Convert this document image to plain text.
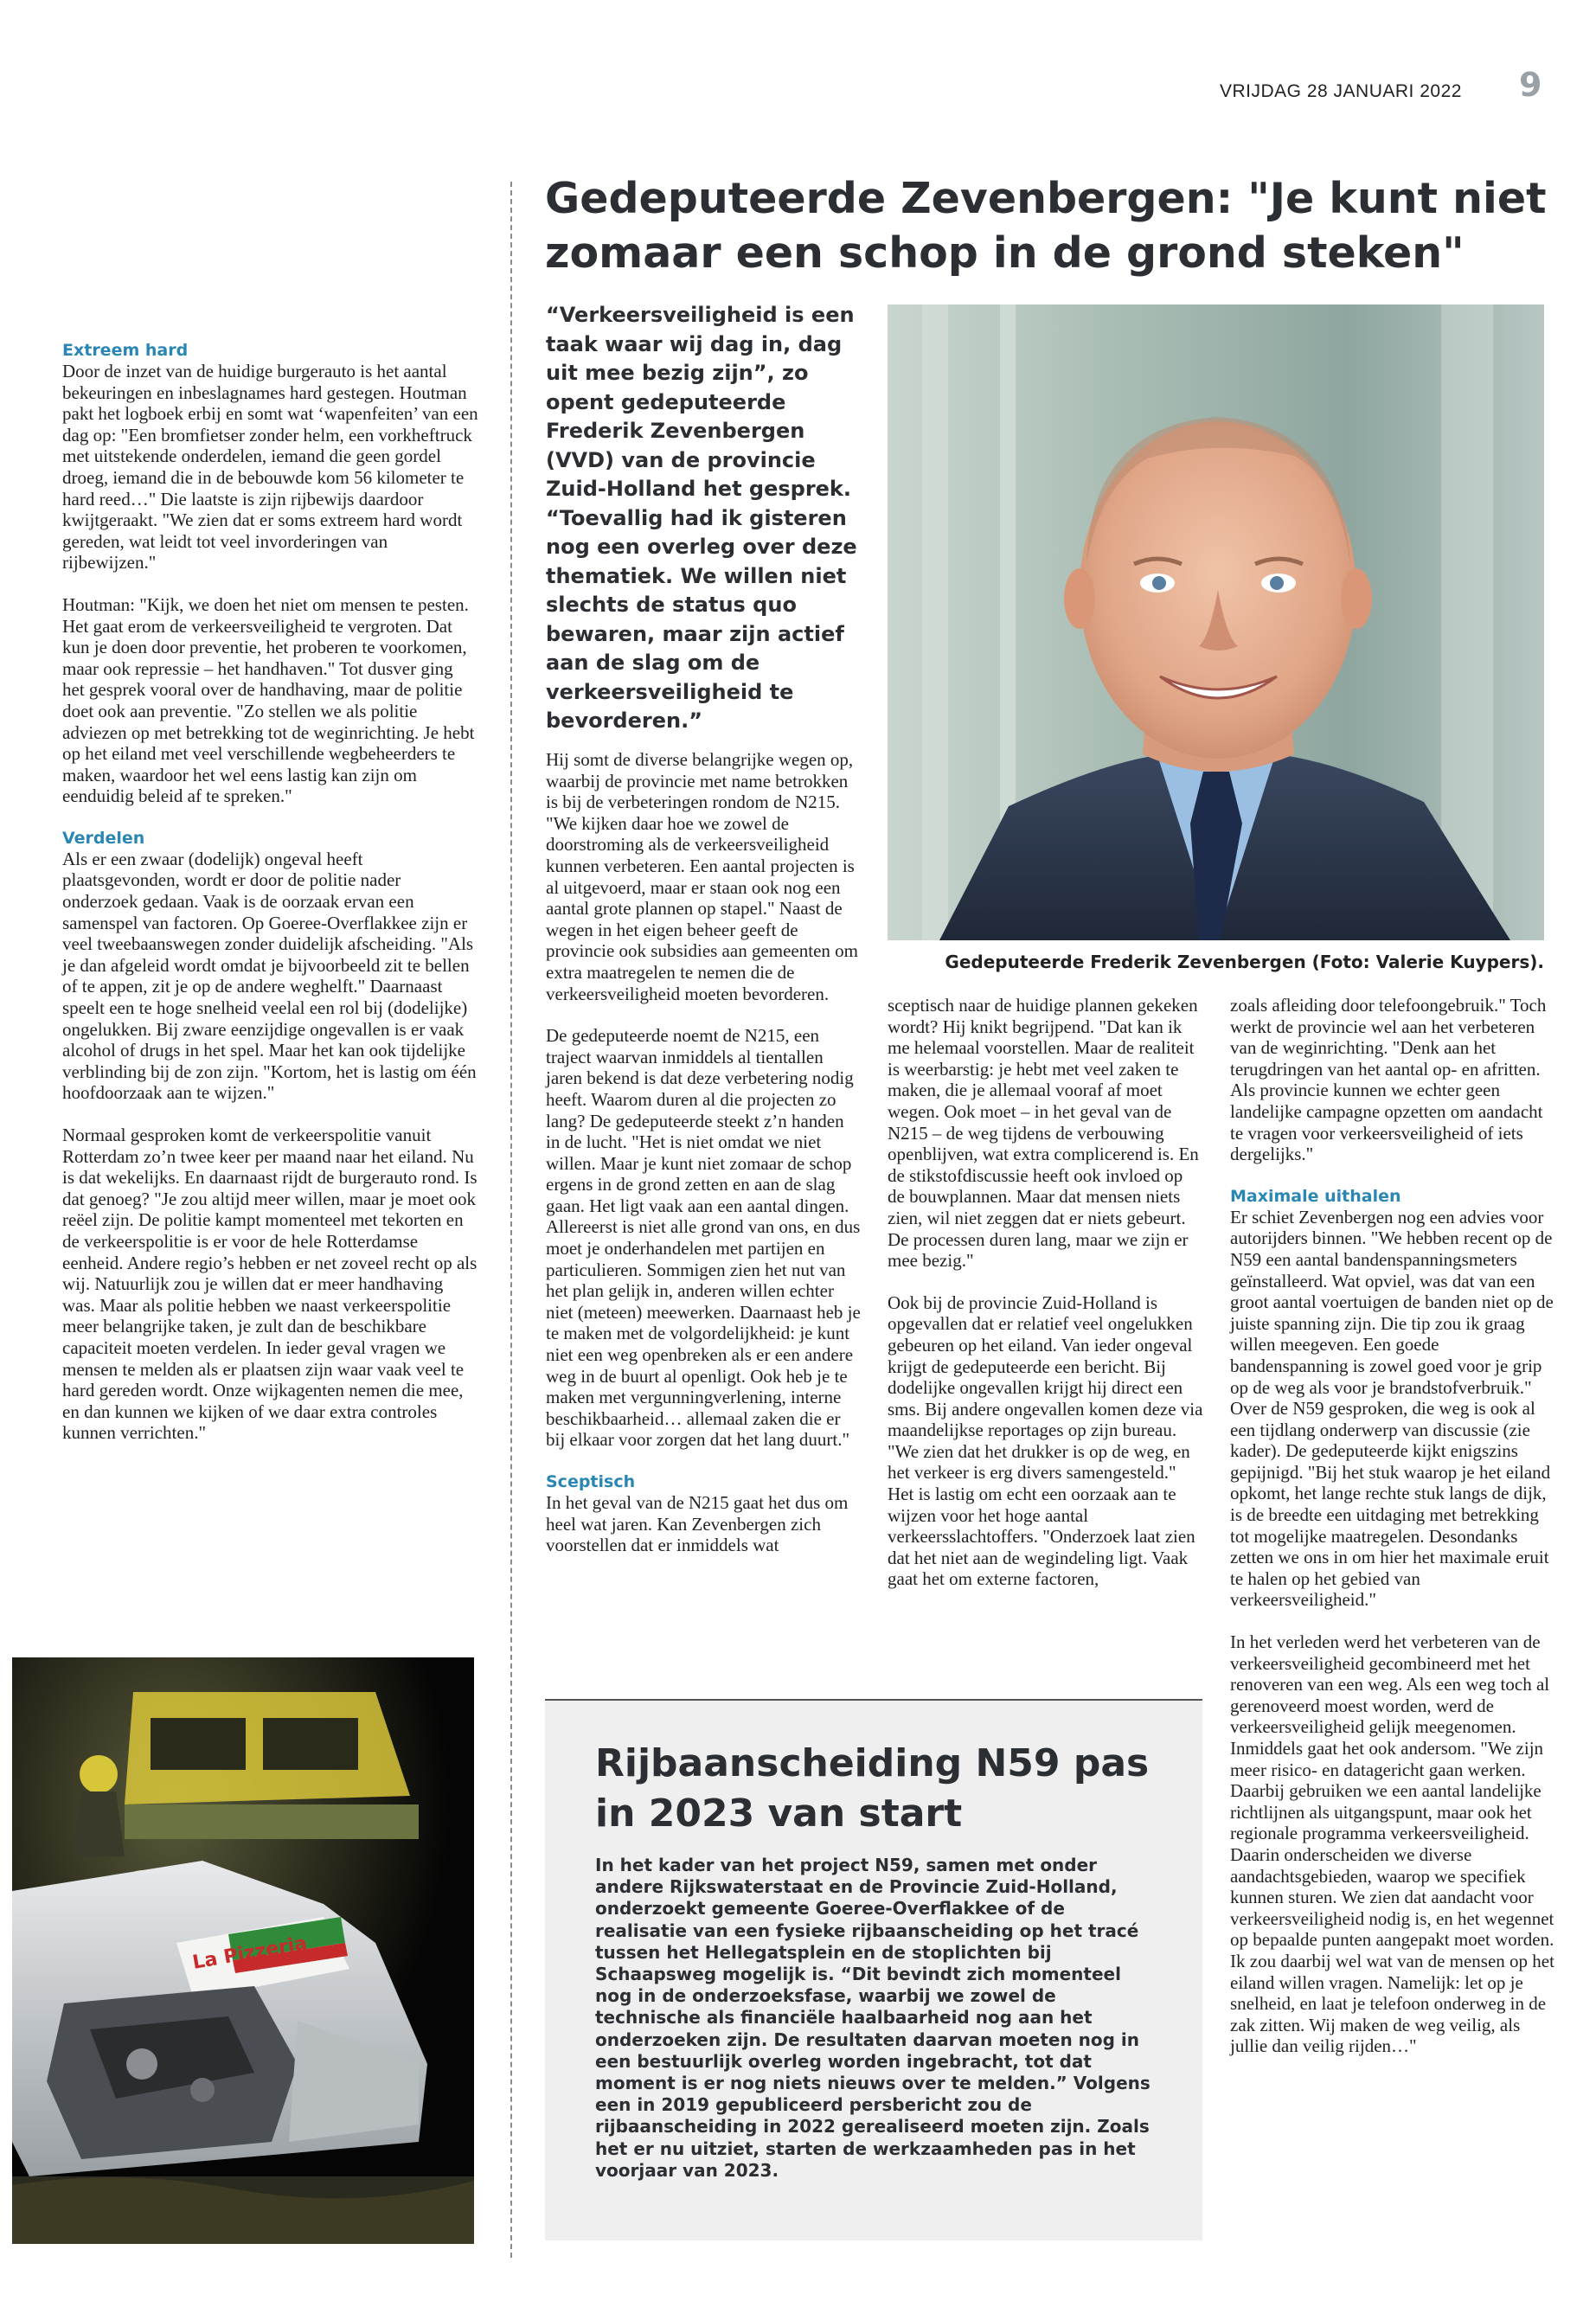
VRIJDAG 28 JANUARI 2022 9
Gedeputeerde Zevenbergen: "Je kunt niet zomaar een schop in de grond steken"
Extreem hard

Door de inzet van de huidige burgerauto is het aantal bekeuringen en inbeslagnames hard gestegen. Houtman pakt het logboek erbij en somt wat ‘wapenfeiten’ van een dag op: "Een bromfietser zonder helm, een vorkheftruck met uitstekende onderdelen, iemand die geen gordel droeg, iemand die in de bebouwde kom 56 kilometer te hard reed…" Die laatste is zijn rijbewijs daardoor kwijtgeraakt. "We zien dat er soms extreem hard wordt gereden, wat leidt tot veel invorderingen van rijbewijzen."

Houtman: "Kijk, we doen het niet om mensen te pesten. Het gaat erom de verkeersveiligheid te vergroten. Dat kun je doen door preventie, het proberen te voorkomen, maar ook repressie – het handhaven." Tot dusver ging het gesprek vooral over de handhaving, maar de politie doet ook aan preventie. "Zo stellen we als politie adviezen op met betrekking tot de weginrichting. Je hebt op het eiland met veel verschillende wegbeheerders te maken, waardoor het wel eens lastig kan zijn om eenduidig beleid af te spreken."

Verdelen

Als er een zwaar (dodelijk) ongeval heeft plaatsgevonden, wordt er door de politie nader onderzoek gedaan. Vaak is de oorzaak ervan een samenspel van factoren. Op Goeree-Overflakkee zijn er veel tweebaanswegen zonder duidelijk afscheiding. "Als je dan afgeleid wordt omdat je bijvoorbeeld zit te bellen of te appen, zit je op de andere weghelft." Daarnaast speelt een te hoge snelheid veelal een rol bij (dodelijke) ongelukken. Bij zware eenzijdige ongevallen is er vaak alcohol of drugs in het spel. Maar het kan ook tijdelijke verblinding bij de zon zijn. "Kortom, het is lastig om één hoofdoorzaak aan te wijzen."

Normaal gesproken komt de verkeerspolitie vanuit Rotterdam zo’n twee keer per maand naar het eiland. Nu is dat wekelijks. En daarnaast rijdt de burgerauto rond. Is dat genoeg? "Je zou altijd meer willen, maar je moet ook reëel zijn. De politie kampt momenteel met tekorten en de verkeerspolitie is er voor de hele Rotterdamse eenheid. Andere regio’s hebben er net zoveel recht op als wij. Natuurlijk zou je willen dat er meer handhaving was. Maar als politie hebben we naast verkeerspolitie meer belangrijke taken, je zult dan de beschikbare capaciteit moeten verdelen. In ieder geval vragen we mensen te melden als er plaatsen zijn waar vaak veel te hard gereden wordt. Onze wijkagenten nemen die mee, en dan kunnen we kijken of we daar extra controles kunnen verrichten."

“Verkeersveiligheid is een taak waar wij dag in, dag uit mee bezig zijn”, zo opent gedeputeerde Frederik Zevenbergen (VVD) van de provincie Zuid-Holland het gesprek. “Toevallig had ik gisteren nog een overleg over deze thematiek. We willen niet slechts de status quo bewaren, maar zijn actief aan de slag om de verkeersveiligheid te bevorderen.”
Gedeputeerde Frederik Zevenbergen (Foto: Valerie Kuypers).

Hij somt de diverse belangrijke wegen op, waarbij de provincie met name betrokken is bij de verbeteringen rondom de N215. "We kijken daar hoe we zowel de doorstroming als de verkeersveiligheid kunnen verbeteren. Een aantal projecten is al uitgevoerd, maar er staan ook nog een aantal grote plannen op stapel." Naast de wegen in het eigen beheer geeft de provincie ook subsidies aan gemeenten om extra maatregelen te nemen die de verkeersveiligheid moeten bevorderen.

De gedeputeerde noemt de N215, een traject waarvan inmiddels al tientallen jaren bekend is dat deze verbetering nodig heeft. Waarom duren al die projecten zo lang? De gedeputeerde steekt z’n handen in de lucht. "Het is niet omdat we niet willen. Maar je kunt niet zomaar de schop ergens in de grond zetten en aan de slag gaan. Het ligt vaak aan een aantal dingen. Allereerst is niet alle grond van ons, en dus moet je onderhandelen met partijen en particulieren. Sommigen zien het nut van het plan gelijk in, anderen willen echter niet (meteen) meewerken. Daarnaast heb je te maken met de volgordelijkheid: je kunt niet een weg openbreken als er een andere weg in de buurt al openligt. Ook heb je te maken met vergunningverlening, interne beschikbaarheid… allemaal zaken die er bij elkaar voor zorgen dat het lang duurt."

Sceptisch

In het geval van de N215 gaat het dus om heel wat jaren. Kan Zevenbergen zich voorstellen dat er inmiddels wat

sceptisch naar de huidige plannen gekeken wordt? Hij knikt begrijpend. "Dat kan ik me helemaal voorstellen. Maar de realiteit is weerbarstig: je hebt met veel zaken te maken, die je allemaal vooraf af moet wegen. Ook moet – in het geval van de N215 – de weg tijdens de verbouwing openblijven, wat extra complicerend is. En de stikstofdiscussie heeft ook invloed op de bouwplannen. Maar dat mensen niets zien, wil niet zeggen dat er niets gebeurt. De processen duren lang, maar we zijn er mee bezig."

Ook bij de provincie Zuid-Holland is opgevallen dat er relatief veel ongelukken gebeuren op het eiland. Van ieder ongeval krijgt de gedeputeerde een bericht. Bij dodelijke ongevallen krijgt hij direct een sms. Bij andere ongevallen komen deze via maandelijkse reportages op zijn bureau. "We zien dat het drukker is op de weg, en het verkeer is erg divers samengesteld." Het is lastig om echt een oorzaak aan te wijzen voor het hoge aantal verkeersslachtoffers. "Onderzoek laat zien dat het niet aan de wegindeling ligt. Vaak gaat het om externe factoren,

zoals afleiding door telefoongebruik." Toch werkt de provincie wel aan het verbeteren van de weginrichting. "Denk aan het terugdringen van het aantal op- en afritten. Als provincie kunnen we echter geen landelijke campagne opzetten om aandacht te vragen voor verkeersveiligheid of iets dergelijks."

Maximale uithalen

Er schiet Zevenbergen nog een advies voor autorijders binnen. "We hebben recent op de N59 een aantal bandenspanningsmeters geïnstalleerd. Wat opviel, was dat van een groot aantal voertuigen de banden niet op de juiste spanning zijn. Die tip zou ik graag willen meegeven. Een goede bandenspanning is zowel goed voor je grip op de weg als voor je brandstofverbruik." Over de N59 gesproken, die weg is ook al een tijdlang onderwerp van discussie (zie kader). De gedeputeerde kijkt enigszins gepijnigd. "Bij het stuk waarop je het eiland opkomt, het lange rechte stuk langs de dijk, is de breedte een uitdaging met betrekking tot mogelijke maatregelen. Desondanks zetten we ons in om hier het maximale eruit te halen op het gebied van verkeersveiligheid."

In het verleden werd het verbeteren van de verkeersveiligheid gecombineerd met het renoveren van een weg. Als een weg toch al gerenoveerd moest worden, werd de verkeersveiligheid gelijk meegenomen. Inmiddels gaat het ook andersom. "We zijn meer risico- en datagericht gaan werken. Daarbij gebruiken we een aantal landelijke richtlijnen als uitgangspunt, maar ook het regionale programma verkeersveiligheid. Daarin onderscheiden we diverse aandachtsgebieden, waarop we specifiek kunnen sturen. We zien dat aandacht voor verkeersveiligheid nodig is, en het wegennet op bepaalde punten aangepakt moet worden. Ik zou daarbij wel wat van de mensen op het eiland willen vragen. Namelijk: let op je snelheid, en laat je telefoon onderweg in de zak zitten. Wij maken de weg veilig, als jullie dan veilig rijden…"

Rijbaanscheiding N59 pas in 2023 van start
In het kader van het project N59, samen met onder andere Rijkswaterstaat en de Provincie Zuid-Holland, onderzoekt gemeente Goeree-Overflakkee of de realisatie van een fysieke rijbaanscheiding op het tracé tussen het Hellegatsplein en de stoplichten bij Schaapsweg mogelijk is. “Dit bevindt zich momenteel nog in de onderzoeksfase, waarbij we zowel de technische als financiële haalbaarheid nog aan het onderzoeken zijn. De resultaten daarvan moeten nog in een bestuurlijk overleg worden ingebracht, tot dat moment is er nog niets nieuws over te melden.” Volgens een in 2019 gepubliceerd persbericht zou de rijbaanscheiding in 2022 gerealiseerd moeten zijn. Zoals het er nu uitziet, starten de werkzaamheden pas in het voorjaar van 2023.
La Pizzeria
